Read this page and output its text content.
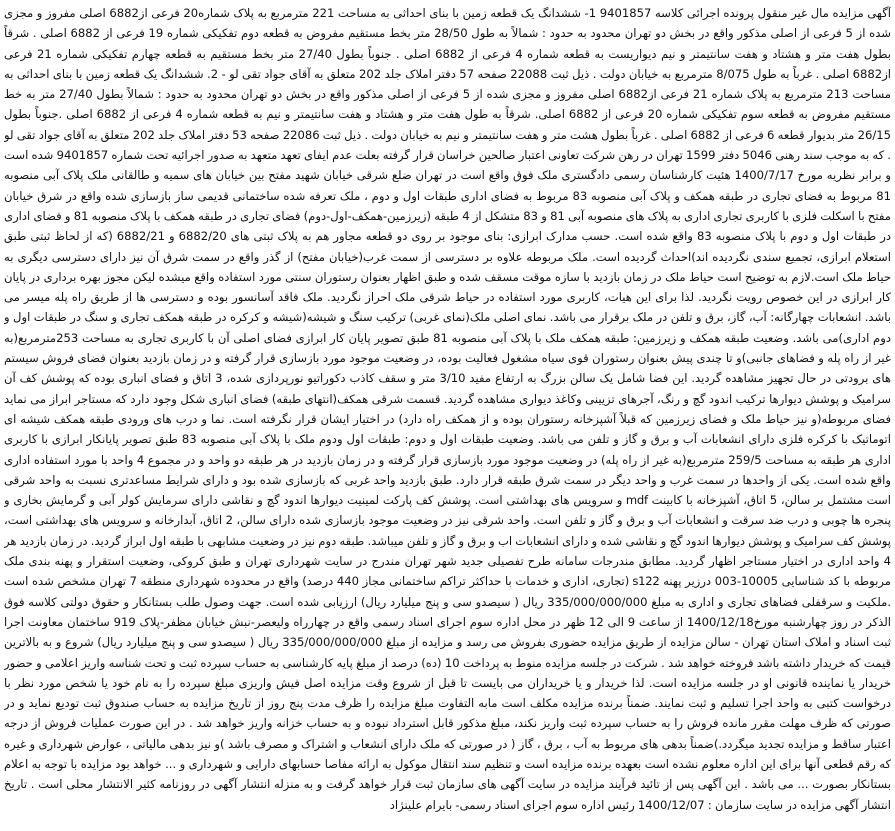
آگهی مزایده مال غیر منقول پرونده اجرائی کلاسه 9401857 1- ششدانگ یک قطعه زمین با بنای احداثی به مساحت 221 مترمربع به پلاک شماره20 فرعی از6882 اصلی مفروز و مجزی شده از 5 فرعی از اصلی مذکور واقع در بخش دو تهران محدود به حدود : شمالاً به طول 28/50 متر بخط مستقیم مفروض به قطعه دوم تفکیکی شماره 19 فرعی از 6882 اصلی . شرقاً بطول هفت متر و هشتاد و هفت سانتیمتر و نیم دیواریست به قطعه شماره 4 فرعی از 6882 اصلی . جنوباً بطول 27/40 متر بخط مستقیم به قطعه چهارم تفکیکی شماره 21 فرعی از6882 اصلی . غرباً به طول 8/075 مترمربع به خیابان دولت . ذیل ثبت 22088 صفحه 57 دفتر املاک جلد 202 متعلق به آقای جواد تقی لو - 2. ششدانگ یک قطعه زمین با بنای احداثی به مساحت 213 مترمربع به پلاک شماره 21 فرعی از6882 اصلی مفروز و مجزی شده از 5 فرعی از اصلی مذکور واقع در بخش دو تهران محدود به حدود : شمالاً بطول 27/40 متر به خط مستقیم مفروض به قطعه سوم تفکیکی شماره 20 فرعی از 6882 اصلی. شرقاً به طول هفت متر و هشتاد و هفت سانتیمتر و نیم به قطعه شماره 4 فرعی از 6882 اصلی .جنوباً بطول 26/15 متر بدیوار قطعه 6 فرعی از 6882 اصلی . غرباً بطول هشت متر و هفت سانتیمتر و نیم به خیابان دولت . ذیل ثبت 22086 صفحه 53 دفتر املاک جلد 202 متعلق به آقای جواد تقی لو . که به موجب سند رهنی 5046 دفتر 1599 تهران در رهن شرکت تعاونی اعتبار صالحین خراسان قرار گرفته بعلت عدم ایفای تعهد متعهد به صدور اجرائیه تحت شماره 9401857 شده است و برابر نظریه مورخ 1400/7/17 هئیت کارشناسان رسمی دادگستری ملک فوق واقع است در تهران ضلع شرقی خیابان شهید مفتح بین خیابان های سمیه و طالقانی ملک پلاک آبی منصوبه 81 مربوط به فضای تجاری در طبقه همکف و پلاک آبی منصوبه 83 مربوط به فضای اداری طبقات اول و دوم ، ملک تعرفه شده ساختمانی قدیمی ساز بازسازی شده واقع در شرق خیابان مفتح با اسکلت فلزی با کاربری تجاری اداری به پلاک های منصوبه آبی 81 و 83 متشکل از 4 طبقه (زیرزمین-همکف-اول-دوم) فضای تجاری در طبقه همکف با پلاک منصوبه 81 و فضای اداری در طبقات اول و دوم با پلاک منصوبه 83 واقع شده است. حسب مدارک ابرازی: بنای موجود بر روی دو قطعه مجاور هم به پلاک ثبتی های 6882/20 و 6882/21 (که از لحاظ ثبتی طبق استعلام ابرازی، تجمیع سندی نگردیده اند)احداث گردیده است. ملک مربوطه علاوه بر دسترسی از سمت غرب(خیابان مفتح) از گذر واقع در سمت شرق آن نیز دارای دسترسی دیگری به حیاط ملک است.لازم به توضیح است حیاط ملک در زمان بازدید با سازه موقت مسقف شده و طبق اظهار بعنوان رستوران سنتی مورد استفاده واقع میشده لیکن مجوز بهره برداری در پایان کار ابرازی در این خصوص رویت نگردید. لذا برای این هیات، کاربری مورد استفاده در حیاط شرقی ملک احراز نگردید. ملک فاقد آسانسور بوده و دسترسی ها از طریق راه پله میسر می باشد. انشعابات چهارگانه: آب، گاز، برق و تلفن در ملک برقرار می باشد. نمای اصلی ملک(نمای غربی) ترکیب سنگ و شیشه(شیشه و کرکره در طبقه همکف تجاری و سنگ در طبقات اول و دوم اداری)می باشد. وضعیت طبقه همکف و زیرزمین: طبقه همکف ملک با پلاک آبی منصوبه 81 طبق تصویر پایان کار ابرازی فضای اصلی آن با کاربری تجاری به مساحت 253مترمربع(به غیر از راه پله و فضاهای جانبی)و تا چندی پیش بعنوان رستوران قوی سیاه مشغول فعالیت بوده، در وضعیت موجود مورد بازسازی قرار گرفته و در زمان بازدید بعنوان فضای فروش سیستم های برودتی در حال تجهیز مشاهده گردید. این فضا شامل یک سالن بزرگ به ارتفاع مفید 3/10 متر و سقف کاذب دکوراتیو نورپردازی شده، 3 اتاق و فضای انباری بوده که پوشش کف آن سرامیک و پوشش دیوارها ترکیب اندود گچ و رنگ، آجرهای تزیینی وکاغذ دیواری مشاهده گردید. قسمت شرقی همکف(انتهای طبقه) فضای انباری شکل وجود دارد که مستاجر ابراز می نماید فضای مربوطه(و نیز حیاط ملک و فضای زیرزمین که قبلاً آشپزخانه رستوران بوده و از همکف راه دارد) در اختیار ایشان قرار نگرفته است. نما و درب های ورودی طبقه همکف شیشه ای اتوماتیک با کرکره فلزی دارای انشعابات آب و برق و گاز و تلفن می باشد. وضعیت طبقات اول و دوم: طبقات اول ودوم ملک با پلاک آبی منصوبه 83 طبق تصویر پایانکار ابرازی با کاربری اداری هر طبقه به مساحت 259/5 مترمربع(به غیر از راه پله) در وضعیت موجود مورد بازسازی قرار گرفته و در زمان بازدید در هر طبقه دو واحد و در مجموع 4 واحد با مورد استفاده اداری واقع شده است. یکی از واحدها در سمت غرب و واحد دیگر در سمت شرق طبقه قرار دارد. طبق بازدید واحد غربی که بازسازی شده بود و دارای شرایط مساعدتری نسبت به واحد شرقی است مشتمل بر سالن، 5 اتاق، آشپزخانه با کابینت mdf و سرویس های بهداشتی است. پوشش کف پارکت لمینیت دیوارها اندود گچ و نقاشی دارای سرمایش کولر آبی و گرمایش بخاری و پنجره ها چوبی و درب ضد سرقت و انشعابات آب و برق و گاز و تلفن است. واحد شرقی نیز در وضعیت موجود بازسازی شده دارای سالن، 2 اتاق، آبدارخانه و سرویس های بهداشتی است، پوشش کف سرامیک و پوشش دیوارها اندود گچ و نقاشی شده و دارای انشعابات اب و برق و گاز و تلفن میباشد. طبقه دوم نیز در وضعیت مشابهی با طبقه اول ابراز گردید. در زمان بازدید هر 4 واحد اداری در اختیار مستاجر اظهار گردید. مطابق مندرجات سامانه طرح تفصیلی جدید شهر تهران مندرج در سایت شهرداری تهران و طبق کروکی، وضعیت استقرار و پهنه بندی ملک مربوطه با کد شناسایی 10005-003 درزیر پهنه s122 (تجاری، اداری و خدمات با حداکثر تراکم ساختمانی مجاز 440 درصد) واقع در محدوده شهرداری منطقه 7 تهران مشخص شده است .ملکیت و سرقفلی فضاهای تجاری و اداری به مبلغ 335/000/000/000 ریال ( سیصدو سی و پنج میلیارد ریال) ارزیابی شده است. جهت وصول طلب بستانکار و حقوق دولتی کلاسه فوق الذکر در روز چهارشنبه مورخ1400/12/18 از ساعت 9 الی 12 ظهر در محل اداره سوم اجرای اسناد رسمی واقع در چهارراه ولیعصر-نبش خیابان مظفر-پلاک 919 ساختمان معاونت اجرا ثبت اسناد و املاک استان تهران - سالن مزایده از طریق مزایده حضوری بفروش می رسد و مزایده از مبلغ 335/000/000/000 ریال ( سیصدو سی و پنج میلیارد ریال) شروع و به بالاترین قیمت که خریدار داشته باشد فروخته خواهد شد . شرکت در جلسه مزایده منوط به پرداخت 10 (ده) درصد از مبلغ پایه کارشناسی به حساب سپرده ثبت و تحت شناسه واریز اعلامی و حضور خریدار یا نماینده قانونی او در جلسه مزایده است. لذا خریدار و یا خریداران می بایست تا قبل از شروع وقت مزایده اصل فیش واریزی مبلغ سپرده را به نام خود یا شخص مورد نظر با درخواست کتبی به واحد اجرا تسلیم و ثبت نمایند. ضمناً برنده مزایده مکلف است مابه التفاوت مبلغ مزایده را ظرف مدت پنج روز از تاریخ مزایده به حساب صندوق ثبت تودیع نماید و در صورتی که ظرف مهلت مقرر مانده فروش را به حساب سپرده ثبت واریز نکند، مبلغ مذکور قابل استرداد نبوده و به حساب خزانه واریز خواهد شد . در این صورت عملیات فروش از درجه اعتبار ساقط و مزایده تجدید میگردد.)ضمناً بدهی های مربوط به آب ، برق ، گاز ( در صورتی که ملک دارای انشعاب و اشتراک و مصرف باشد )و نیز بدهی مالیاتی ، عوارض شهرداری و غیره که رقم قطعی آنها برای این اداره معلوم نشده است بعهده برنده مزایده است و تنظیم سند انتقال موکول به ارائه مفاصا حسابهای دارایی و شهرداری و ... خواهد بود مزایده با توجه به اعلام بستانکار بصورت ... می باشد . این آگهی پس از تائید فرآیند مزایده در سایت آگهی های سازمان ثبت قرار خواهد گرفت و به منزله انتشار آگهی در روزنامه کثیر الانتشار محلی است . تاریخ انتشار آگهی مزایده در سایت سازمان : 1400/12/07 رئیس اداره سوم اجرای اسناد رسمی- بایرام علینژاد
